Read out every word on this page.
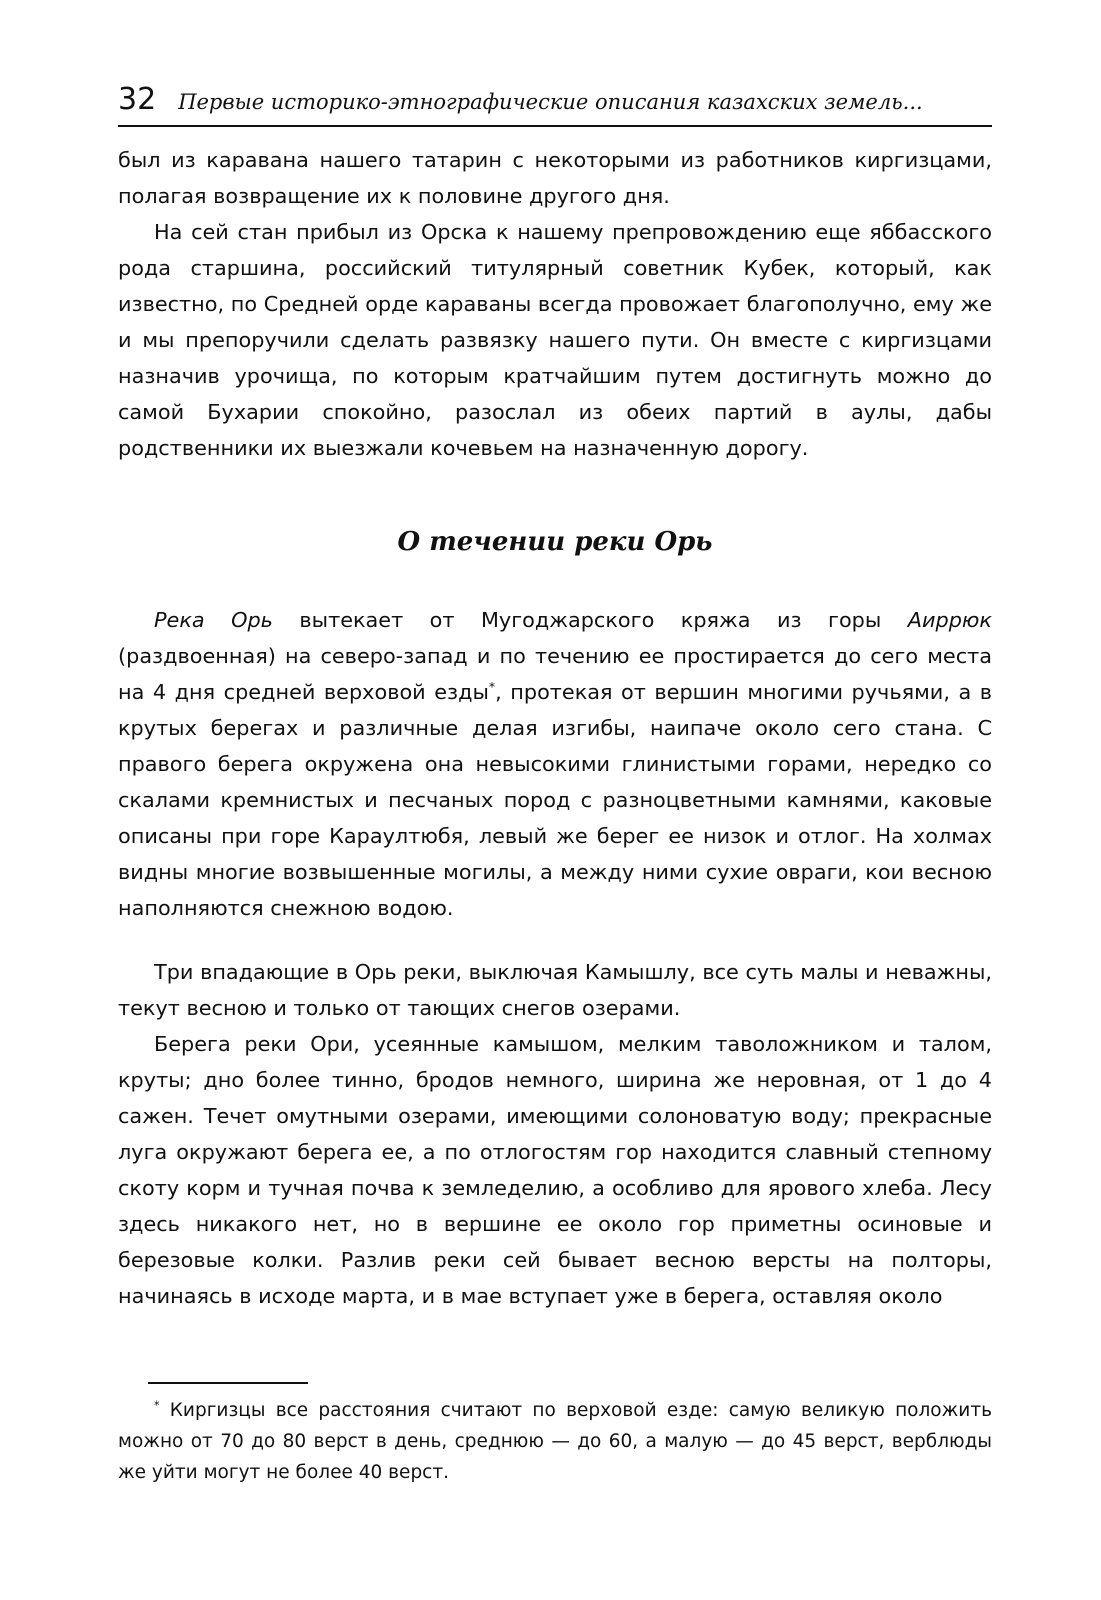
32 Первые историко-этнографические описания казахских земель...

был из каравана нашего татарин с некоторыми из работников киргизцами, полагая возвращение их к половине другого дня.

На сей стан прибыл из Орска к нашему препровождению еще яббасского рода старшина, российский титулярный советник Кубек, который, как известно, по Средней орде караваны всегда провожает благополучно, ему же и мы препоручили сделать развязку нашего пути. Он вместе с киргизцами назначив урочища, по которым кратчайшим путем достигнуть можно до самой Бухарии спокойно, разослал из обеих партий в аулы, дабы родственники их выезжали кочевьем на назначенную дорогу.

О течении реки Орь

Река Орь вытекает от Мугоджарского кряжа из горы Аиррюк (раздвоенная) на северо-запад и по течению ее простирается до сего места на 4 дня средней верховой езды*, протекая от вершин многими ручьями, а в крутых берегах и различные делая изгибы, наипаче около сего стана. С правого берега окружена она невысокими глинистыми горами, нередко со скалами кремнистых и песчаных пород с разноцветными камнями, каковые описаны при горе Караултюбя, левый же берег ее низок и отлог. На холмах видны многие возвышенные могилы, а между ними сухие овраги, кои весною наполняются снежною водою.

Три впадающие в Орь реки, выключая Камышлу, все суть малы и неважны, текут весною и только от тающих снегов озерами.

Берега реки Ори, усеянные камышом, мелким таволожником и талом, круты; дно более тинно, бродов немного, ширина же неровная, от 1 до 4 сажен. Течет омутными озерами, имеющими солоноватую воду; прекрасные луга окружают берега ее, а по отлогостям гор находится славный степному скоту корм и тучная почва к земледелию, а особливо для ярового хлеба. Лесу здесь никакого нет, но в вершине ее около гор приметны осиновые и березовые колки. Разлив реки сей бывает весною версты на полторы, начинаясь в исходе марта, и в мае вступает уже в берега, оставляя около

* Киргизцы все расстояния считают по верховой езде: самую великую положить можно от 70 до 80 верст в день, среднюю — до 60, а малую — до 45 верст, верблюды же уйти могут не более 40 верст.
